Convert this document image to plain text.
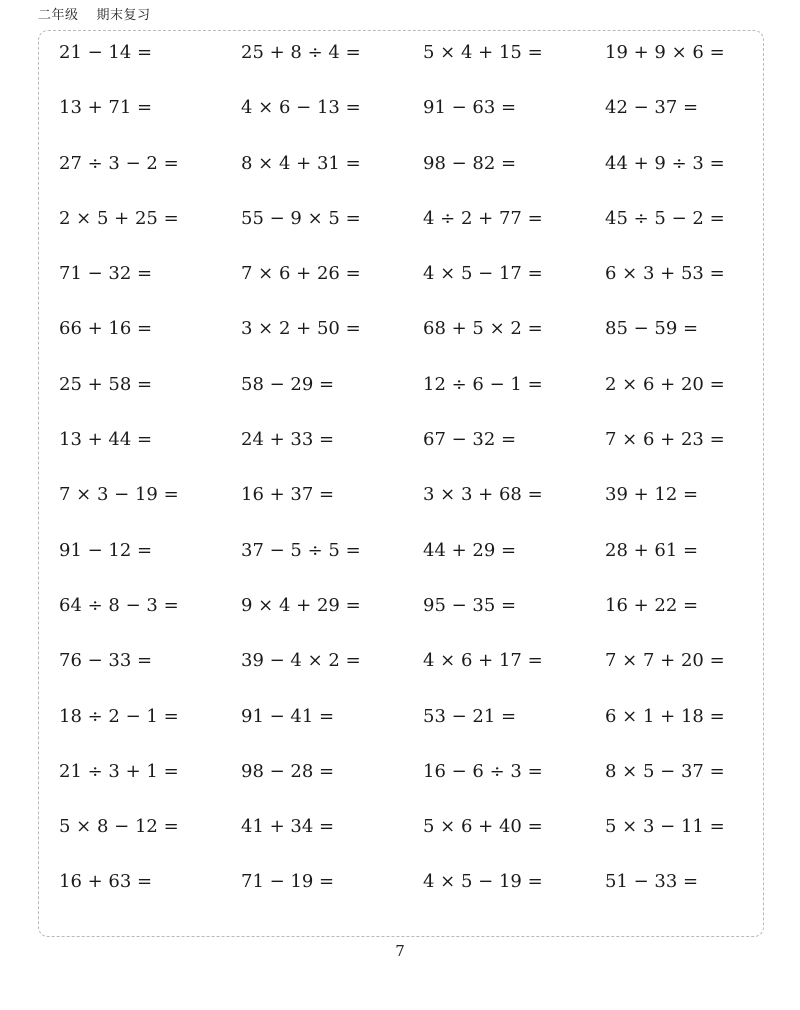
二年级 期末复习
21 − 14 =	25 + 8 ÷ 4 =	5 × 4 + 15 =	19 + 9 × 6 =
13 + 71 =	4 × 6 − 13 =	91 − 63 =	42 − 37 =
27 ÷ 3 − 2 =	8 × 4 + 31 =	98 − 82 =	44 + 9 ÷ 3 =
2 × 5 + 25 =	55 − 9 × 5 =	4 ÷ 2 + 77 =	45 ÷ 5 − 2 =
71 − 32 =	7 × 6 + 26 =	4 × 5 − 17 =	6 × 3 + 53 =
66 + 16 =	3 × 2 + 50 =	68 + 5 × 2 =	85 − 59 =
25 + 58 =	58 − 29 =	12 ÷ 6 − 1 =	2 × 6 + 20 =
13 + 44 =	24 + 33 =	67 − 32 =	7 × 6 + 23 =
7 × 3 − 19 =	16 + 37 =	3 × 3 + 68 =	39 + 12 =
91 − 12 =	37 − 5 ÷ 5 =	44 + 29 =	28 + 61 =
64 ÷ 8 − 3 =	9 × 4 + 29 =	95 − 35 =	16 + 22 =
76 − 33 =	39 − 4 × 2 =	4 × 6 + 17 =	7 × 7 + 20 =
18 ÷ 2 − 1 =	91 − 41 =	53 − 21 =	6 × 1 + 18 =
21 ÷ 3 + 1 =	98 − 28 =	16 − 6 ÷ 3 =	8 × 5 − 37 =
5 × 8 − 12 =	41 + 34 =	5 × 6 + 40 =	5 × 3 − 11 =
16 + 63 =	71 − 19 =	4 × 5 − 19 =	51 − 33 =
7
